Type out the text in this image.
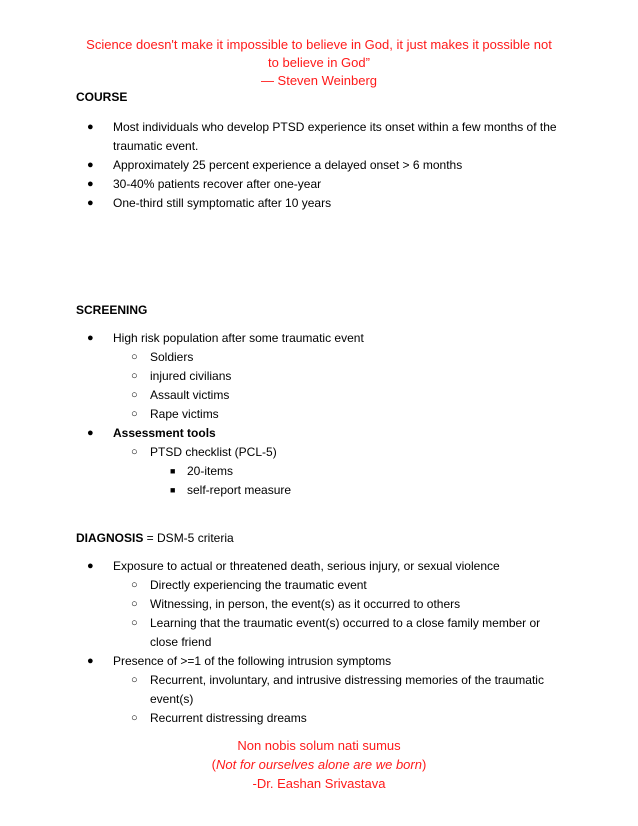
Science doesn't make it impossible to believe in God, it just makes it possible not to believe in God”
— Steven Weinberg
COURSE
● Most individuals who develop PTSD experience its onset within a few months of the traumatic event.
● Approximately 25 percent experience a delayed onset > 6 months
● 30-40% patients recover after one-year
● One-third still symptomatic after 10 years
SCREENING
● High risk population after some traumatic event
○ Soldiers
○ injured civilians
○ Assault victims
○ Rape victims
● Assessment tools
○ PTSD checklist (PCL-5)
■ 20-items
■ self-report measure
DIAGNOSIS = DSM-5 criteria
● Exposure to actual or threatened death, serious injury, or sexual violence
○ Directly experiencing the traumatic event
○ Witnessing, in person, the event(s) as it occurred to others
○ Learning that the traumatic event(s) occurred to a close family member or close friend
● Presence of >=1 of the following intrusion symptoms
○ Recurrent, involuntary, and intrusive distressing memories of the traumatic event(s)
○ Recurrent distressing dreams
Non nobis solum nati sumus
(Not for ourselves alone are we born)
-Dr. Eashan Srivastava
